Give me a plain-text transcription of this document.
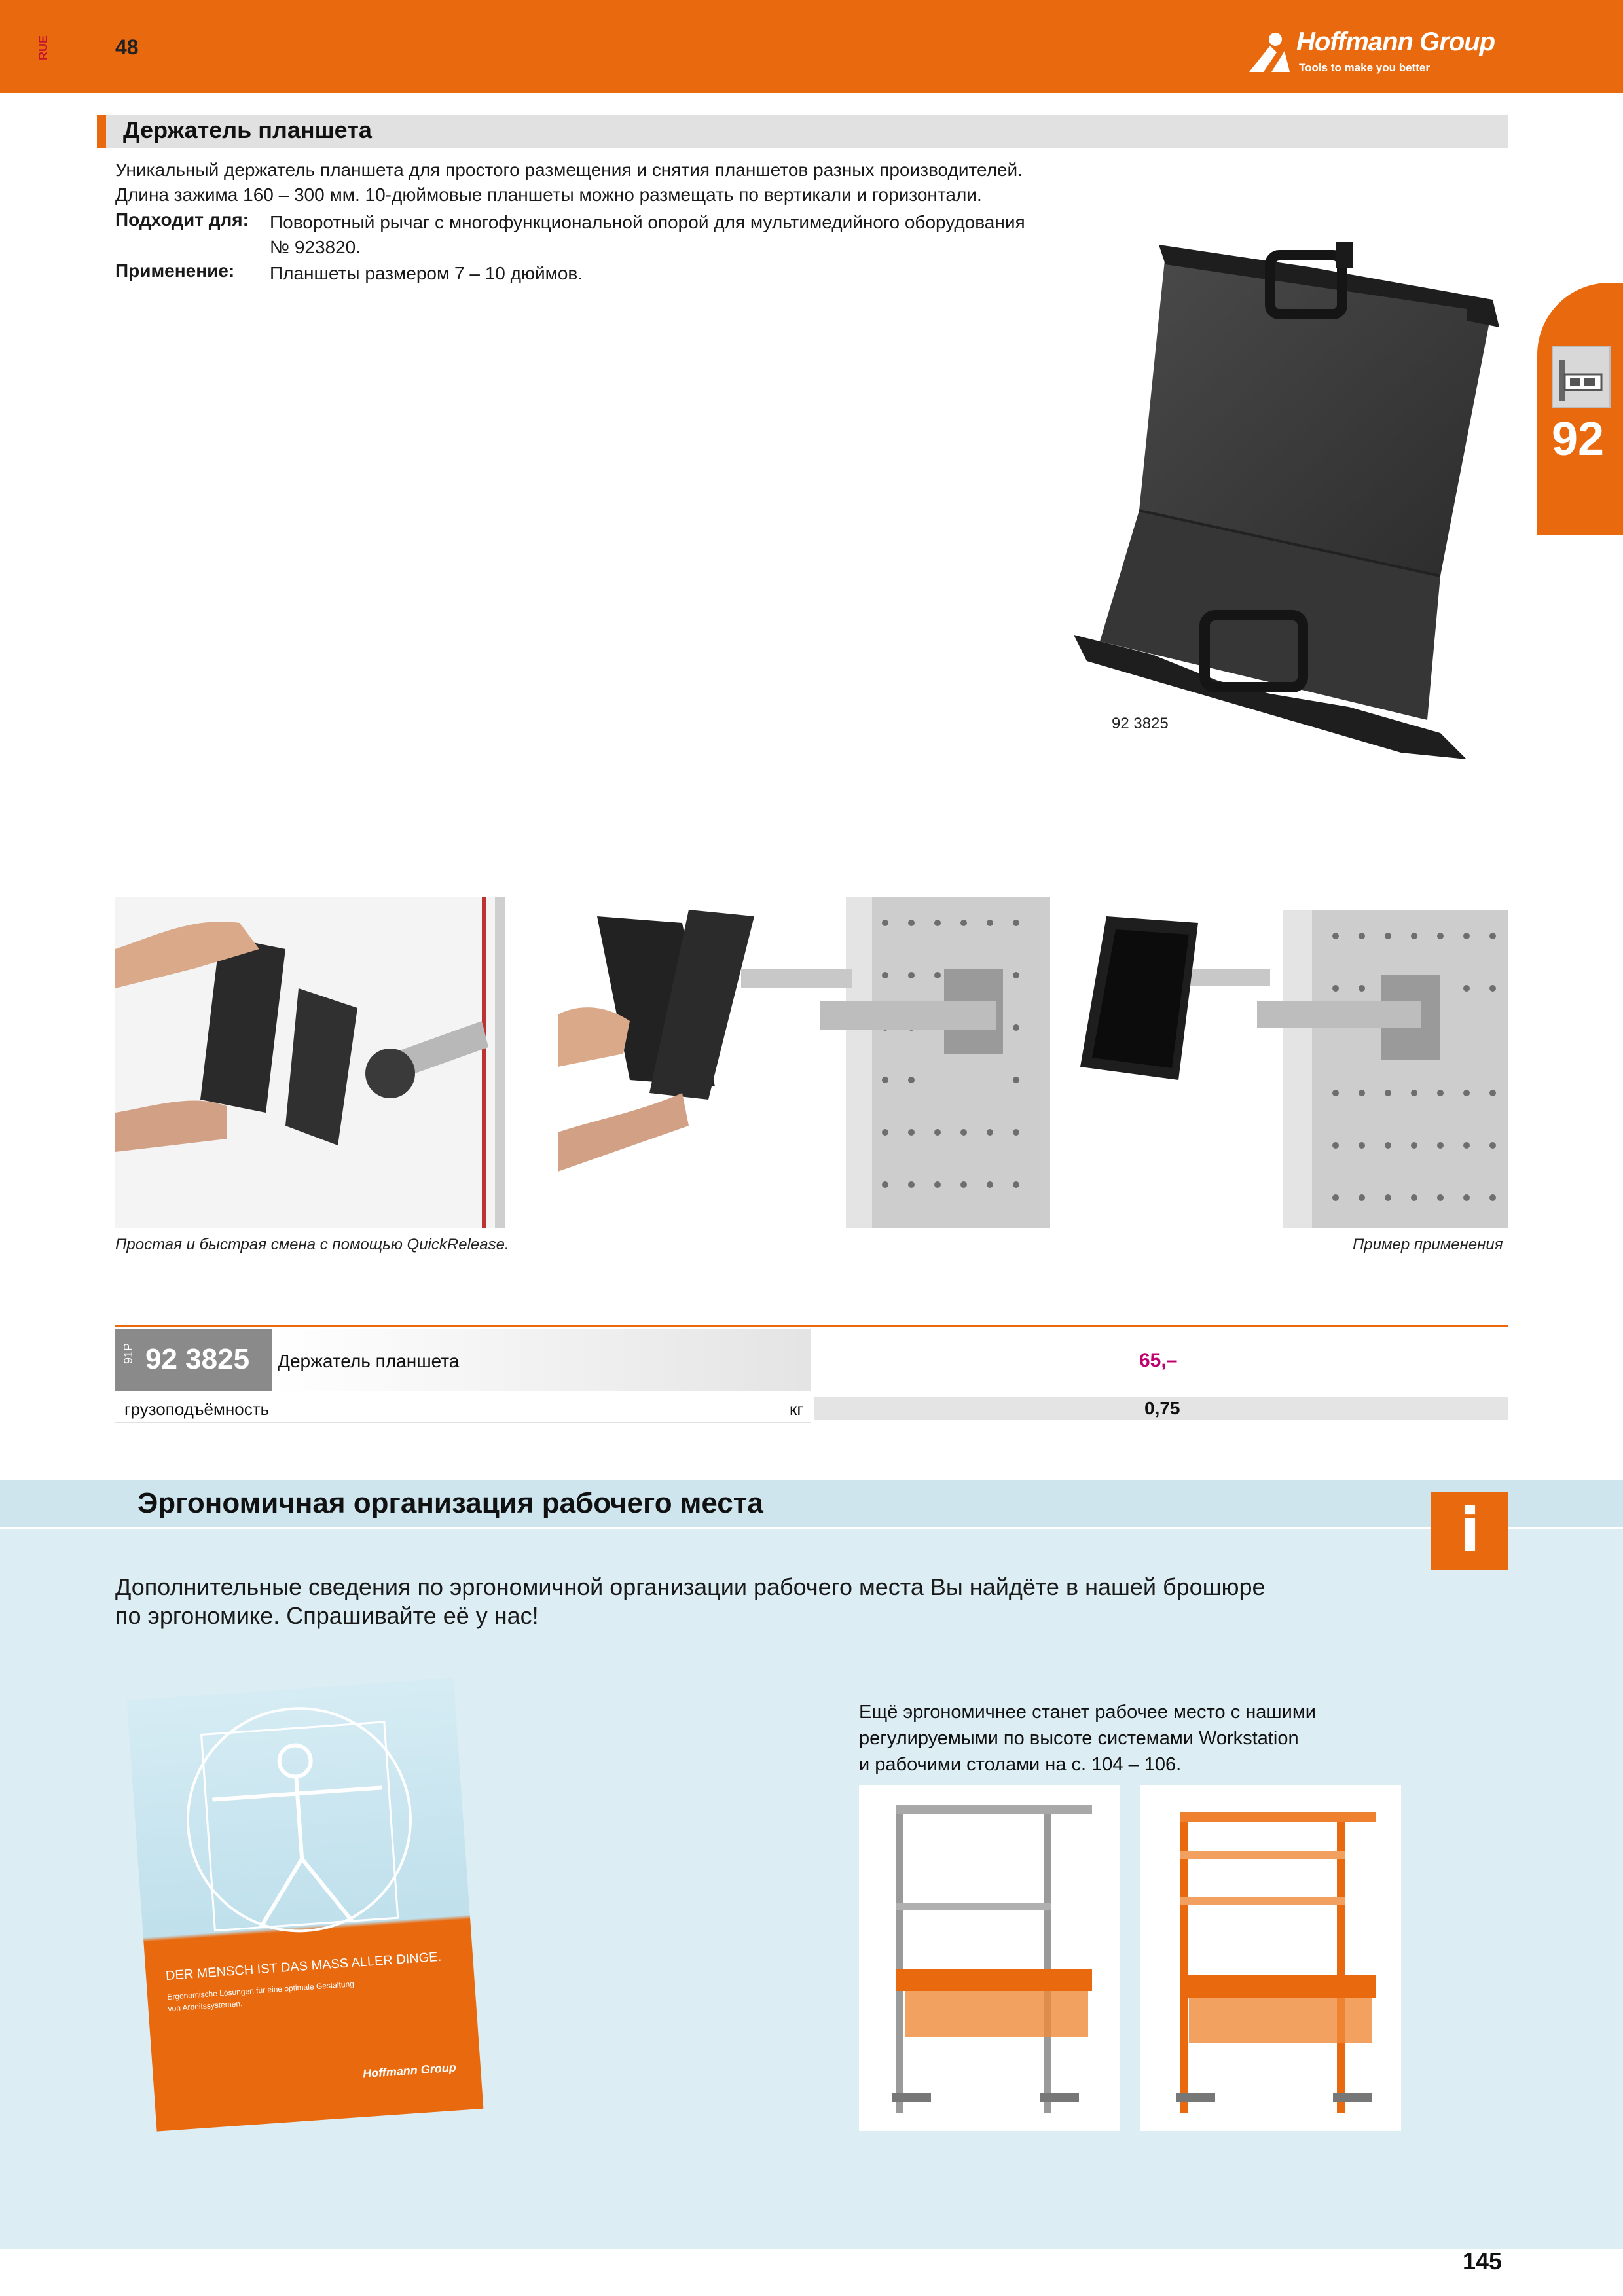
RUE	48	Hoffmann Group
Tools to make you better
92
Держатель планшета
Уникальный держатель планшета для простого размещения и снятия планшетов разных производителей.
Длина зажима 160 – 300 мм. 10-дюймовые планшеты можно размещать по вертикали и горизонтали.
Подходит для: Поворотный рычаг с многофункциональной опорой для мультимедийного оборудования
№ 923820.
Применение: Планшеты размером 7 – 10 дюймов.
92 3825
Простая и быстрая смена с помощью QuickRelease.	Пример применения
91P 92 3825 Держатель планшета	65,–
грузоподъёмность	кг	0,75
Эргономичная организация рабочего места	i
Дополнительные сведения по эргономичной организации рабочего места Вы найдёте в нашей брошюре
по эргономике. Спрашивайте её у нас!
DER MENSCH IST DAS MASS ALLER DINGE.
Ergonomische Lösungen für eine optimale Gestaltung
von Arbeitssystemen.
Hoffmann Group
Ещё эргономичнее станет рабочее место с нашими
регулируемыми по высоте системами Workstation
и рабочими столами на с. 104 – 106.
145
